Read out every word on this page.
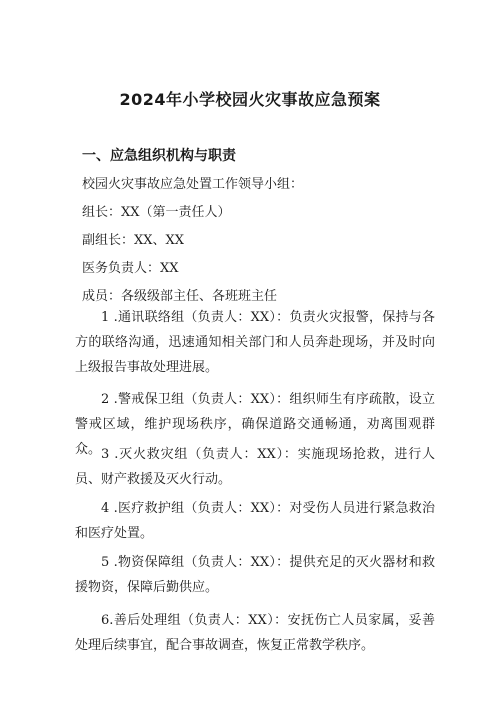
2024年小学校园火灾事故应急预案
一、应急组织机构与职责
校园火灾事故应急处置工作领导小组：
组长：XX（第一责任人）
副组长：XX、XX
医务负责人：XX
成员：各级级部主任、各班班主任
1 .通讯联络组（负责人：XX）：负责火灾报警，保持与各方的联络沟通，迅速通知相关部门和人员奔赴现场，并及时向上级报告事故处理进展。
2 .警戒保卫组（负责人：XX）：组织师生有序疏散，设立警戒区域，维护现场秩序，确保道路交通畅通，劝离围观群众。 3 .灭火救灾组（负责人：XX）：实施现场抢救，进行人员、财产救援及灭火行动。
4 .医疗救护组（负责人：XX）：对受伤人员进行紧急救治和医疗处置。
5 .物资保障组（负责人：XX）：提供充足的灭火器材和救援物资，保障后勤供应。
6.善后处理组（负责人：XX）：安抚伤亡人员家属，妥善处理后续事宜，配合事故调查，恢复正常教学秩序。
